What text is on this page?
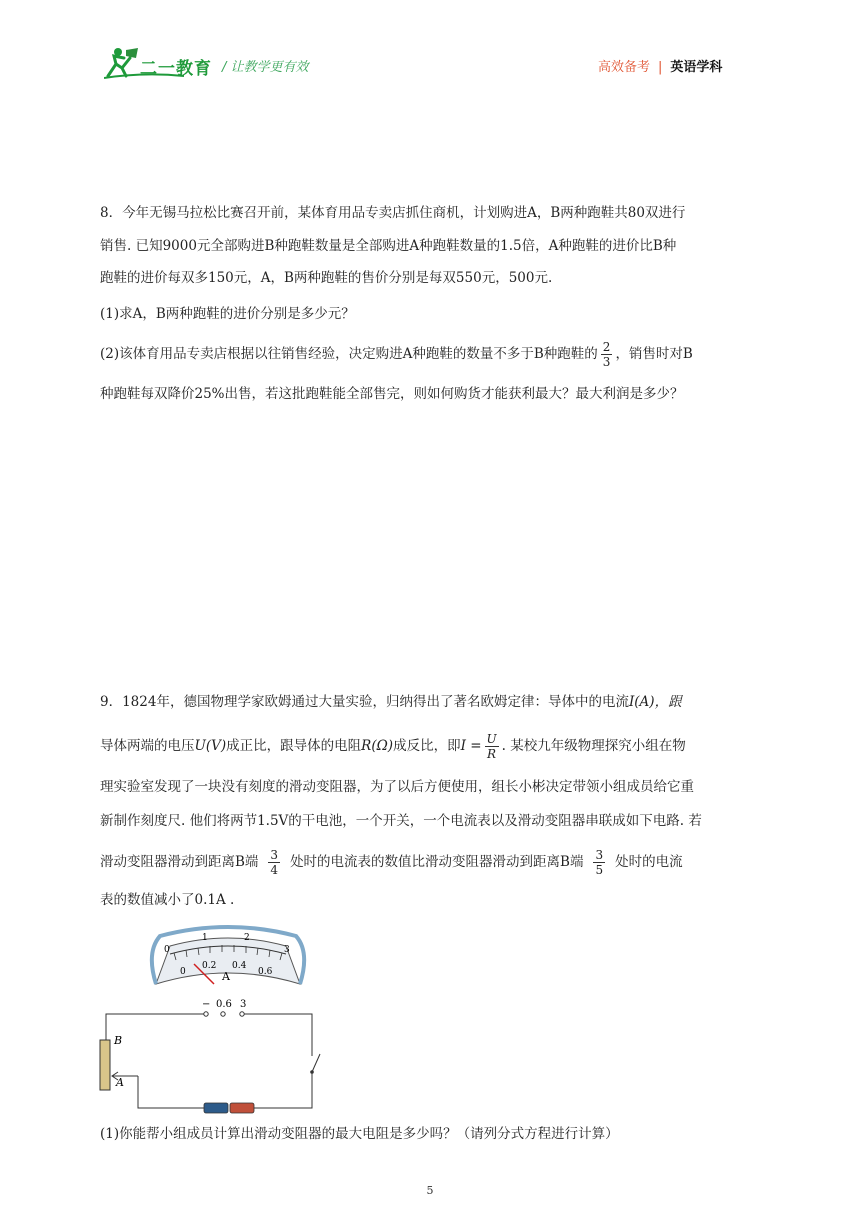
二一教育 / 让教学更有效	高效备考 | 英语学科
8．今年无锡马拉松比赛召开前，某体育用品专卖店抓住商机，计划购进A，B两种跑鞋共80双进行
销售. 已知9000元全部购进B种跑鞋数量是全部购进A种跑鞋数量的1.5倍，A种跑鞋的进价比B种
跑鞋的进价每双多150元，A，B两种跑鞋的售价分别是每双550元，500元.
(1)求A，B两种跑鞋的进价分别是多少元？
(2)该体育用品专卖店根据以往销售经验，决定购进A种跑鞋的数量不多于B种跑鞋的 $\frac{2}{3}$ ，销售时对B
种跑鞋每双降价25%出售，若这批跑鞋能全部售完，则如何购货才能获利最大？最大利润是多少？
9．1824年，德国物理学家欧姆通过大量实验，归纳得出了著名欧姆定律：导体中的电流I(A)，跟
导体两端的电压U(V)成正比，跟导体的电阻R(Ω)成反比，即$I = \frac{U}{R}$ . 某校九年级物理探究小组在物
理实验室发现了一块没有刻度的滑动变阻器，为了以后方便使用，组长小彬决定带领小组成员给它重
新制作刻度尺. 他们将两节1.5V的干电池，一个开关，一个电流表以及滑动变阻器串联成如下电路. 若
滑动变阻器滑动到距离B端 $\frac{3}{4}$ 处时的电流表的数值比滑动变阻器滑动到距离B端 $\frac{3}{5}$ 处时的电流
表的数值减小了0.1A .
0
1	2
3
0
0.2 0.4
0.6
A
− 0.6 3
B
A
(1)你能帮小组成员计算出滑动变阻器的最大电阻是多少吗？（请列分式方程进行计算）
5
